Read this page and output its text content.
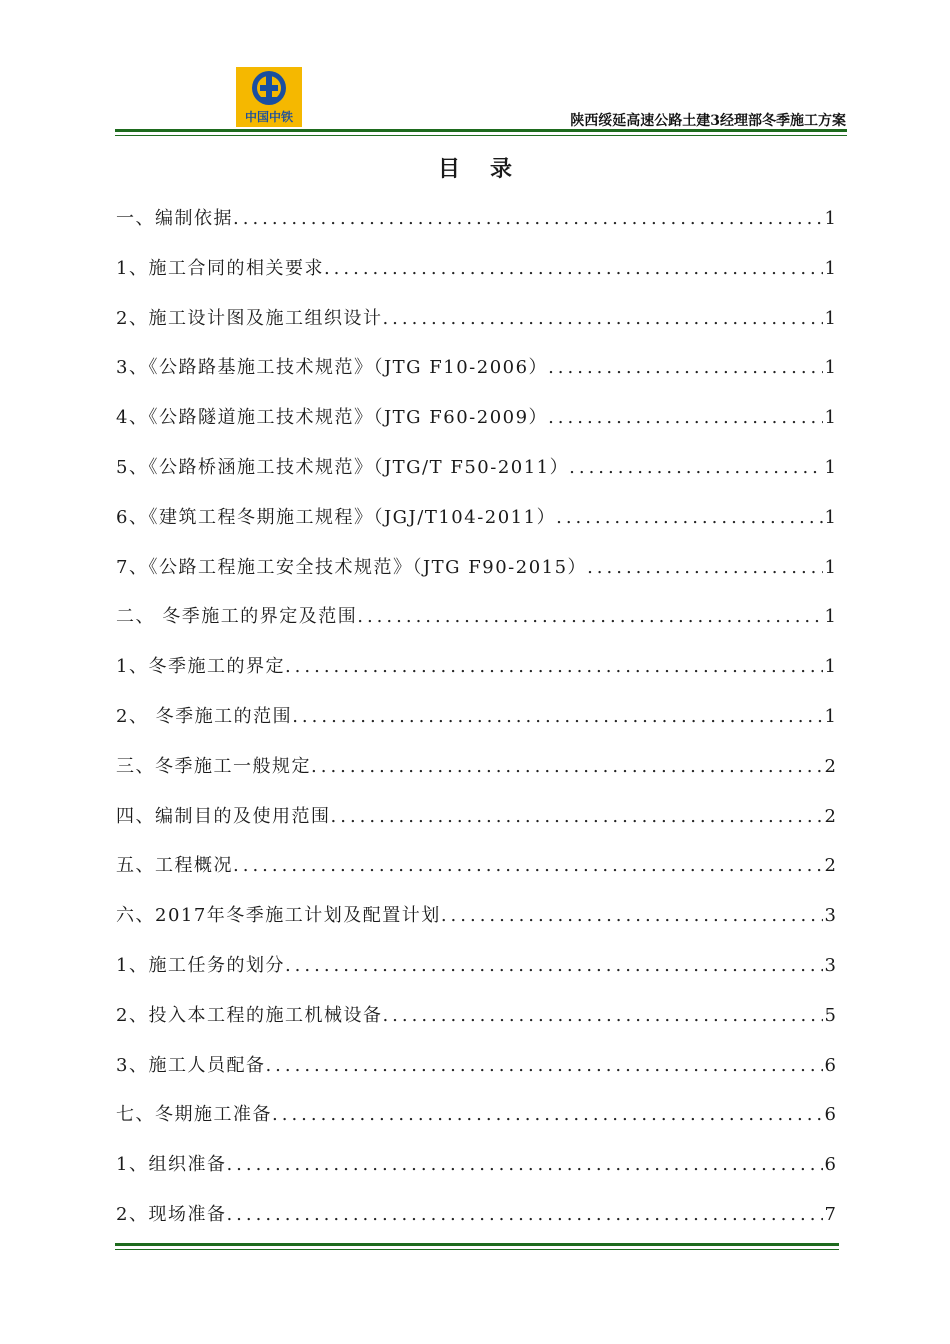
中国中铁	陕西绥延高速公路土建3经理部冬季施工方案
目录
一、编制依据 .....	1
1、施工合同的相关要求 .....	1
2、施工设计图及施工组织设计 .....	1
3、《公路路基施工技术规范》（JTG F10-2006） .....	1
4、《公路隧道施工技术规范》（JTG F60-2009） .....	1
5、《公路桥涵施工技术规范》（JTG/T F50-2011） .....	1
6、《建筑工程冬期施工规程》（JGJ/T104-2011） .....	1
7、《公路工程施工安全技术规范》（JTG F90-2015） .....	1
二、 冬季施工的界定及范围 .....	1
1、冬季施工的界定 .....	1
2、 冬季施工的范围 .....	1
三、冬季施工一般规定 .....	2
四、编制目的及使用范围 .....	2
五、工程概况 .....	2
六、2017年冬季施工计划及配置计划 .....	3
1、施工任务的划分 .....	3
2、投入本工程的施工机械设备 .....	5
3、施工人员配备 .....	6
七、冬期施工准备 .....	6
1、组织准备 .....	6
2、现场准备 .....	7
